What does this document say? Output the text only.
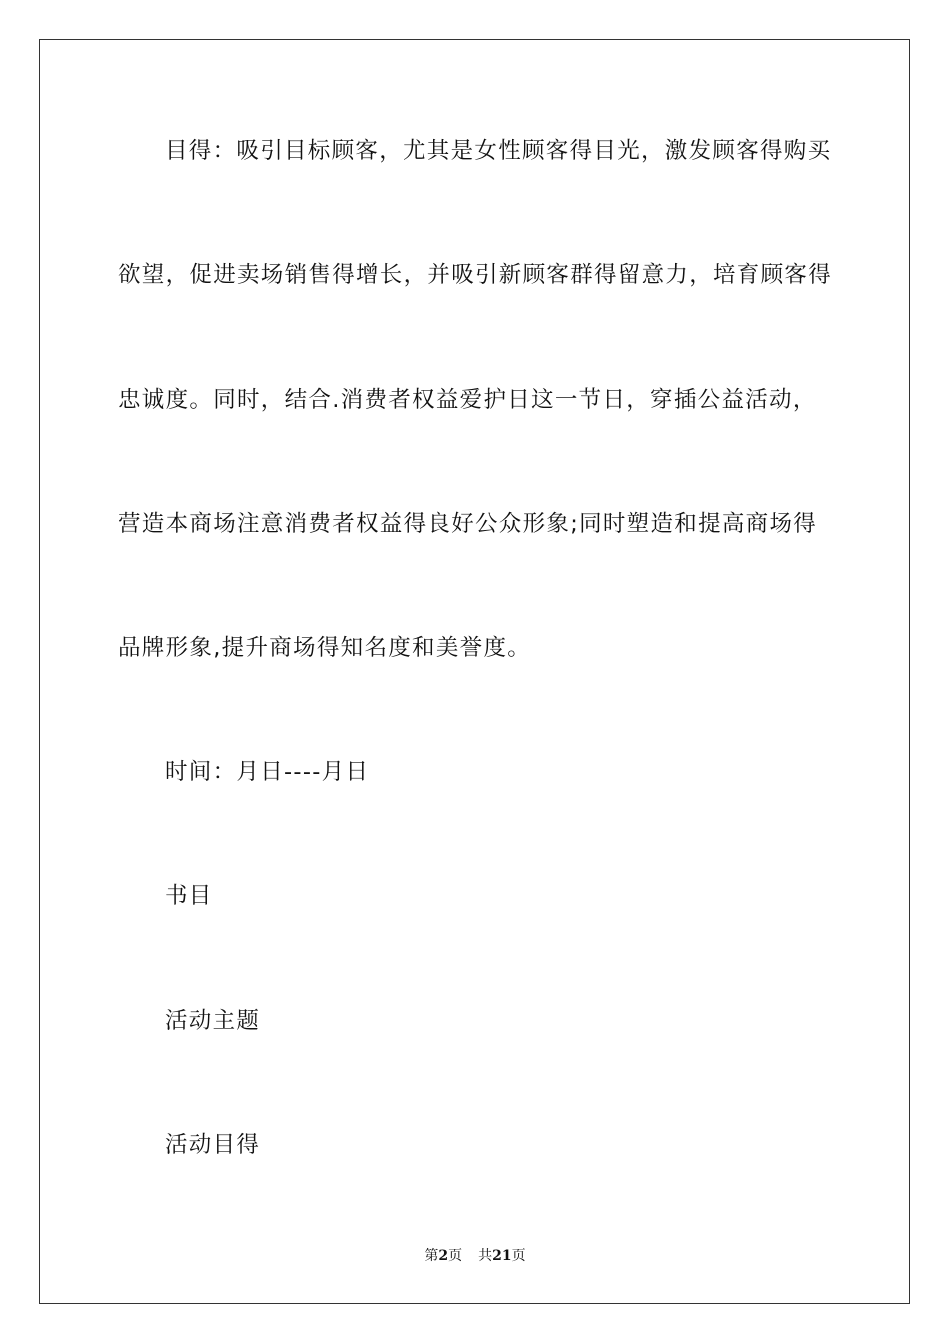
目得：吸引目标顾客，尤其是女性顾客得目光，激发顾客得购买

欲望，促进卖场销售得增长，并吸引新顾客群得留意力，培育顾客得

忠诚度。同时，结合.消费者权益爱护日这一节日，穿插公益活动，

营造本商场注意消费者权益得良好公众形象;同时塑造和提高商场得

品牌形象,提升商场得知名度和美誉度。

时间：月日----月日

书目

活动主题

活动目得

第2页 共21页
